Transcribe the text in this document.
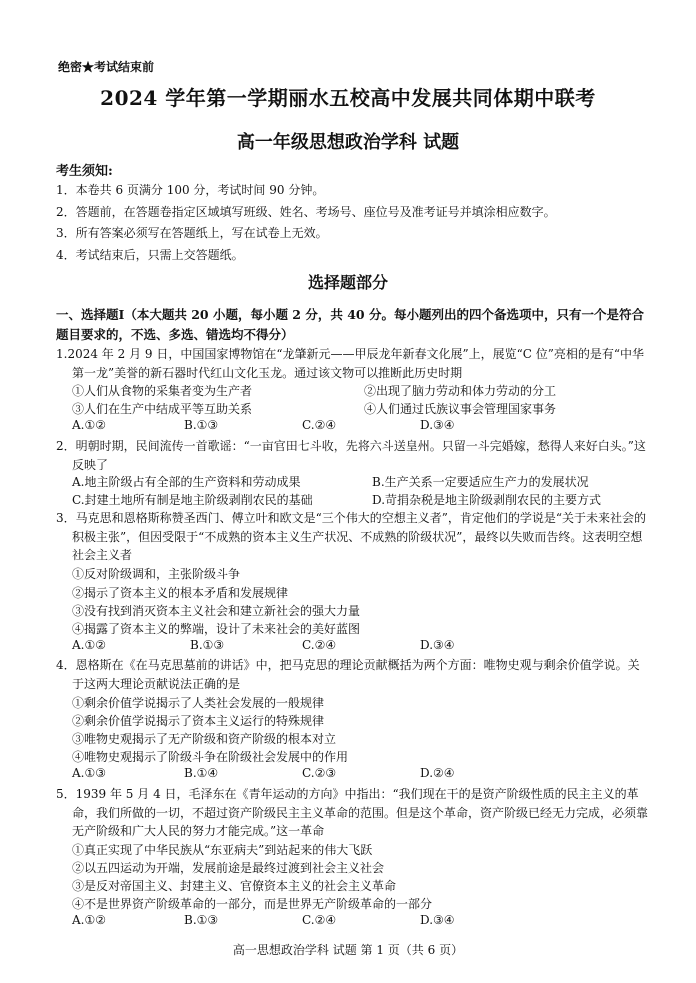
绝密★考试结束前
2024 学年第一学期丽水五校高中发展共同体期中联考
高一年级思想政治学科 试题
考生须知:
1．本卷共 6 页满分 100 分，考试时间 90 分钟。
2．答题前，在答题卷指定区域填写班级、姓名、考场号、座位号及准考证号并填涂相应数字。
3．所有答案必须写在答题纸上，写在试卷上无效。
4．考试结束后，只需上交答题纸。
选择题部分
一、选择题Ⅰ（本大题共 20 小题，每小题 2 分，共 40 分。每小题列出的四个备选项中，只有一个是符合题目要求的，不选、多选、错选均不得分）
1.2024 年 2 月 9 日，中国国家博物馆在“龙肇新元——甲辰龙年新春文化展”上，展览“C 位”亮相的是有“中华第一龙”美誉的新石器时代红山文化玉龙。通过该文物可以推断此历史时期
①人们从食物的采集者变为生产者	②出现了脑力劳动和体力劳动的分工
③人们在生产中结成平等互助关系	④人们通过氏族议事会管理国家事务
A.①②	B.①③	C.②④	D.③④
2．明朝时期，民间流传一首歌谣：“一亩官田七斗收，先将六斗送皇州。只留一斗完婚嫁，愁得人来好白头。”这反映了
A.地主阶级占有全部的生产资料和劳动成果	B.生产关系一定要适应生产力的发展状况
C.封建土地所有制是地主阶级剥削农民的基础	D.苛捐杂税是地主阶级剥削农民的主要方式
3．马克思和恩格斯称赞圣西门、傅立叶和欧文是“三个伟大的空想主义者”，肯定他们的学说是“关于未来社会的积极主张”，但因受限于“不成熟的资本主义生产状况、不成熟的阶级状况”，最终以失败而告终。这表明空想社会主义者
①反对阶级调和，主张阶级斗争
②揭示了资本主义的根本矛盾和发展规律
③没有找到消灭资本主义社会和建立新社会的强大力量
④揭露了资本主义的弊端，设计了未来社会的美好蓝图
A.①②	B.①③	C.②④	D.③④
4．恩格斯在《在马克思墓前的讲话》中，把马克思的理论贡献概括为两个方面：唯物史观与剩余价值学说。关于这两大理论贡献说法正确的是
①剩余价值学说揭示了人类社会发展的一般规律
②剩余价值学说揭示了资本主义运行的特殊规律
③唯物史观揭示了无产阶级和资产阶级的根本对立
④唯物史观揭示了阶级斗争在阶级社会发展中的作用
A.①③	B.①④	C.②③	D.②④
5．1939 年 5 月 4 日，毛泽东在《青年运动的方向》中指出：“我们现在干的是资产阶级性质的民主主义的革命，我们所做的一切，不超过资产阶级民主主义革命的范围。但是这个革命，资产阶级已经无力完成，必须靠无产阶级和广大人民的努力才能完成。”这一革命
①真正实现了中华民族从“东亚病夫”到站起来的伟大飞跃
②以五四运动为开端，发展前途是最终过渡到社会主义社会
③是反对帝国主义、封建主义、官僚资本主义的社会主义革命
④不是世界资产阶级革命的一部分，而是世界无产阶级革命的一部分
A.①②	B.①③	C.②④	D.③④
高一思想政治学科 试题 第 1 页（共 6 页）
